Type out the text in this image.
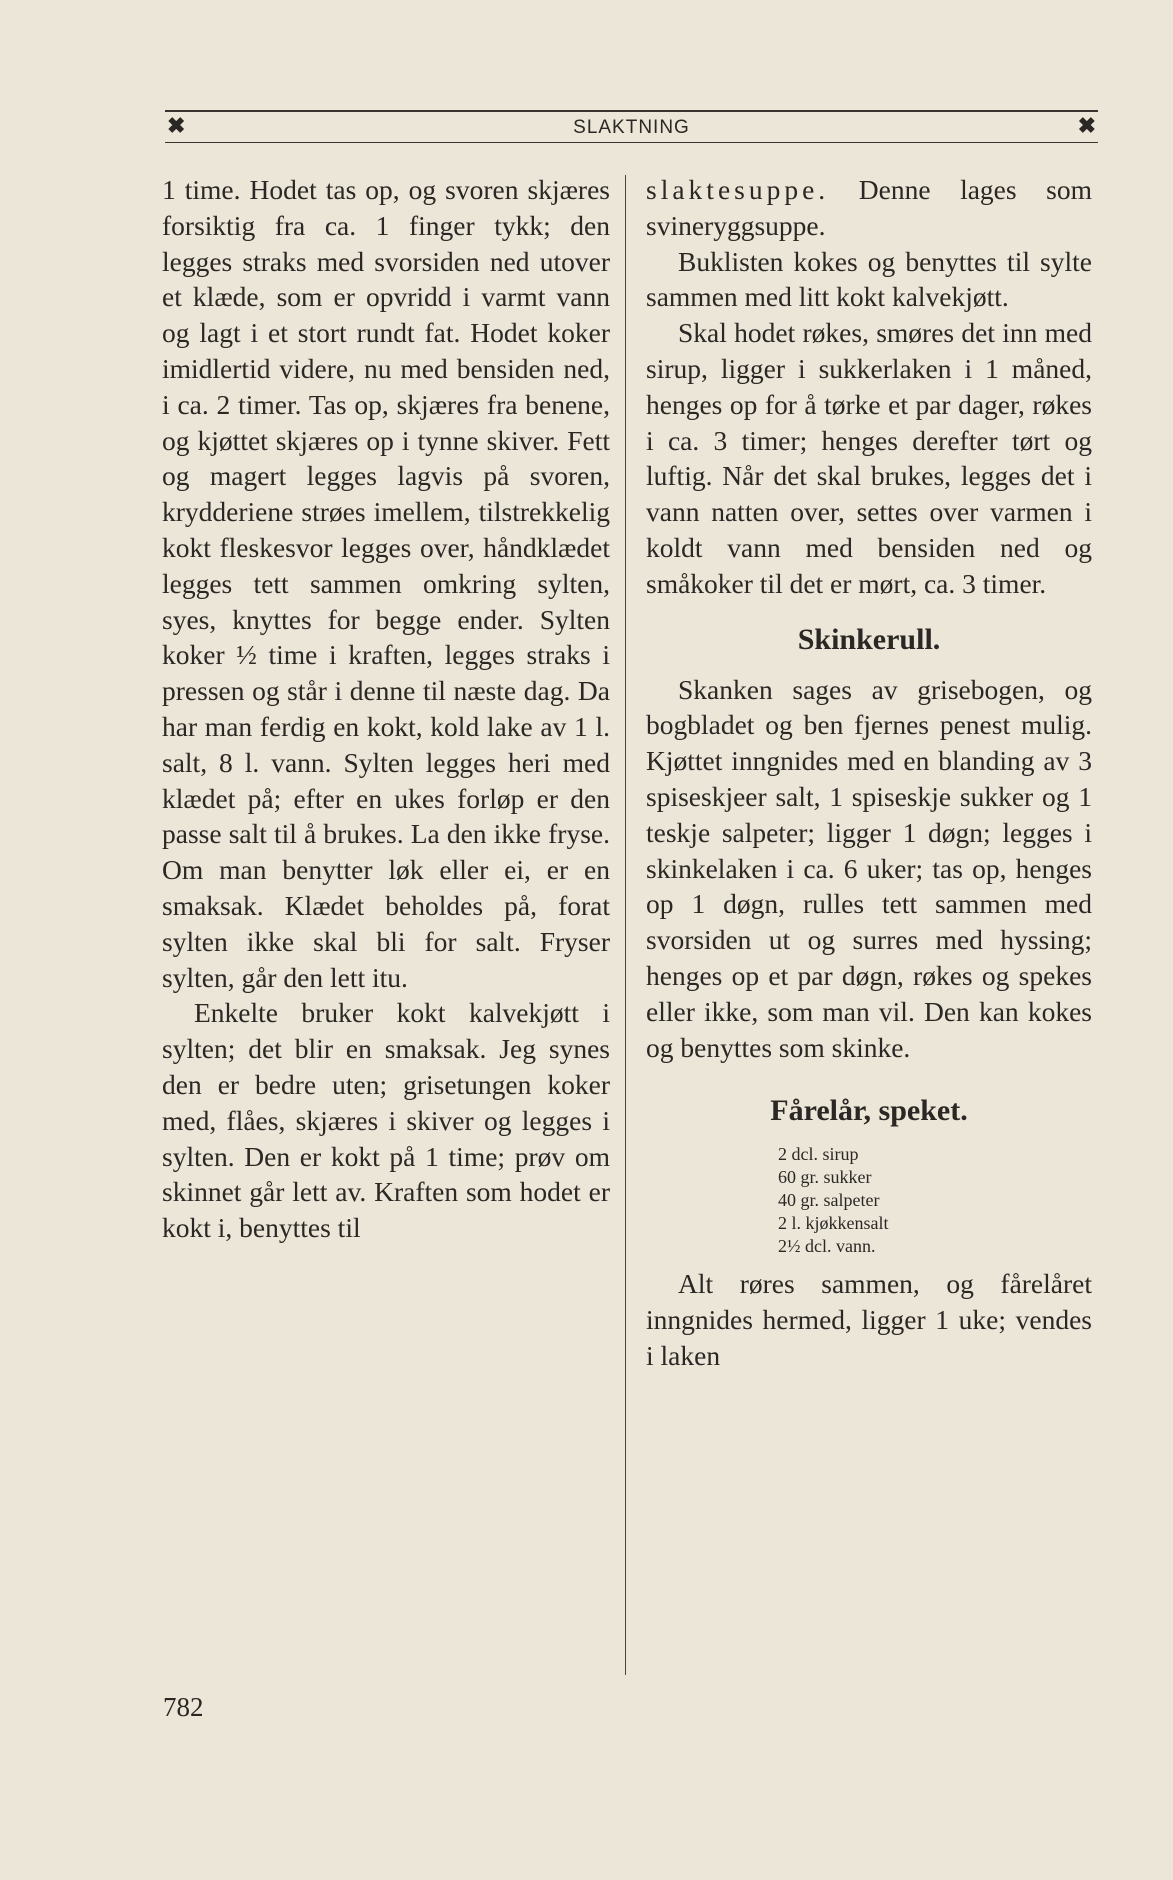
✖	SLAKTNING	✖

1 time. Hodet tas op, og svoren skjæres forsiktig fra ca. 1 finger tykk; den legges straks med svorsiden ned utover et klæde, som er opvridd i varmt vann og lagt i et stort rundt fat. Hodet koker imidlertid videre, nu med bensiden ned, i ca. 2 timer. Tas op, skjæres fra benene, og kjøttet skjæres op i tynne skiver. Fett og magert legges lagvis på svoren, krydderiene strøes imellem, tilstrekkelig kokt fleskesvor legges over, håndklædet legges tett sammen omkring sylten, syes, knyttes for begge ender. Sylten koker ½ time i kraften, legges straks i pressen og står i denne til næste dag. Da har man ferdig en kokt, kold lake av 1 l. salt, 8 l. vann. Sylten legges heri med klædet på; efter en ukes forløp er den passe salt til å brukes. La den ikke fryse. Om man benytter løk eller ei, er en smaksak. Klædet beholdes på, forat sylten ikke skal bli for salt. Fryser sylten, går den lett itu.

Enkelte bruker kokt kalvekjøtt i sylten; det blir en smaksak. Jeg synes den er bedre uten; grisetungen koker med, flåes, skjæres i skiver og legges i sylten. Den er kokt på 1 time; prøv om skinnet går lett av. Kraften som hodet er kokt i, benyttes til

slaktesuppe. Denne lages som svineryggsuppe.

Buklisten kokes og benyttes til sylte sammen med litt kokt kalvekjøtt.

Skal hodet røkes, smøres det inn med sirup, ligger i sukkerlaken i 1 måned, henges op for å tørke et par dager, røkes i ca. 3 timer; henges derefter tørt og luftig. Når det skal brukes, legges det i vann natten over, settes over varmen i koldt vann med bensiden ned og småkoker til det er mørt, ca. 3 timer.

Skinkerull.

Skanken sages av grisebogen, og bogbladet og ben fjernes penest mulig. Kjøttet inngnides med en blanding av 3 spiseskjeer salt, 1 spiseskje sukker og 1 teskje salpeter; ligger 1 døgn; legges i skinkelaken i ca. 6 uker; tas op, henges op 1 døgn, rulles tett sammen med svorsiden ut og surres med hyssing; henges op et par døgn, røkes og spekes eller ikke, som man vil. Den kan kokes og benyttes som skinke.

Fårelår, speket.
2 dcl. sirup
60 gr. sukker
40 gr. salpeter
2 l. kjøkkensalt
2½ dcl. vann.

Alt røres sammen, og fårelåret inngnides hermed, ligger 1 uke; vendes i laken

782
